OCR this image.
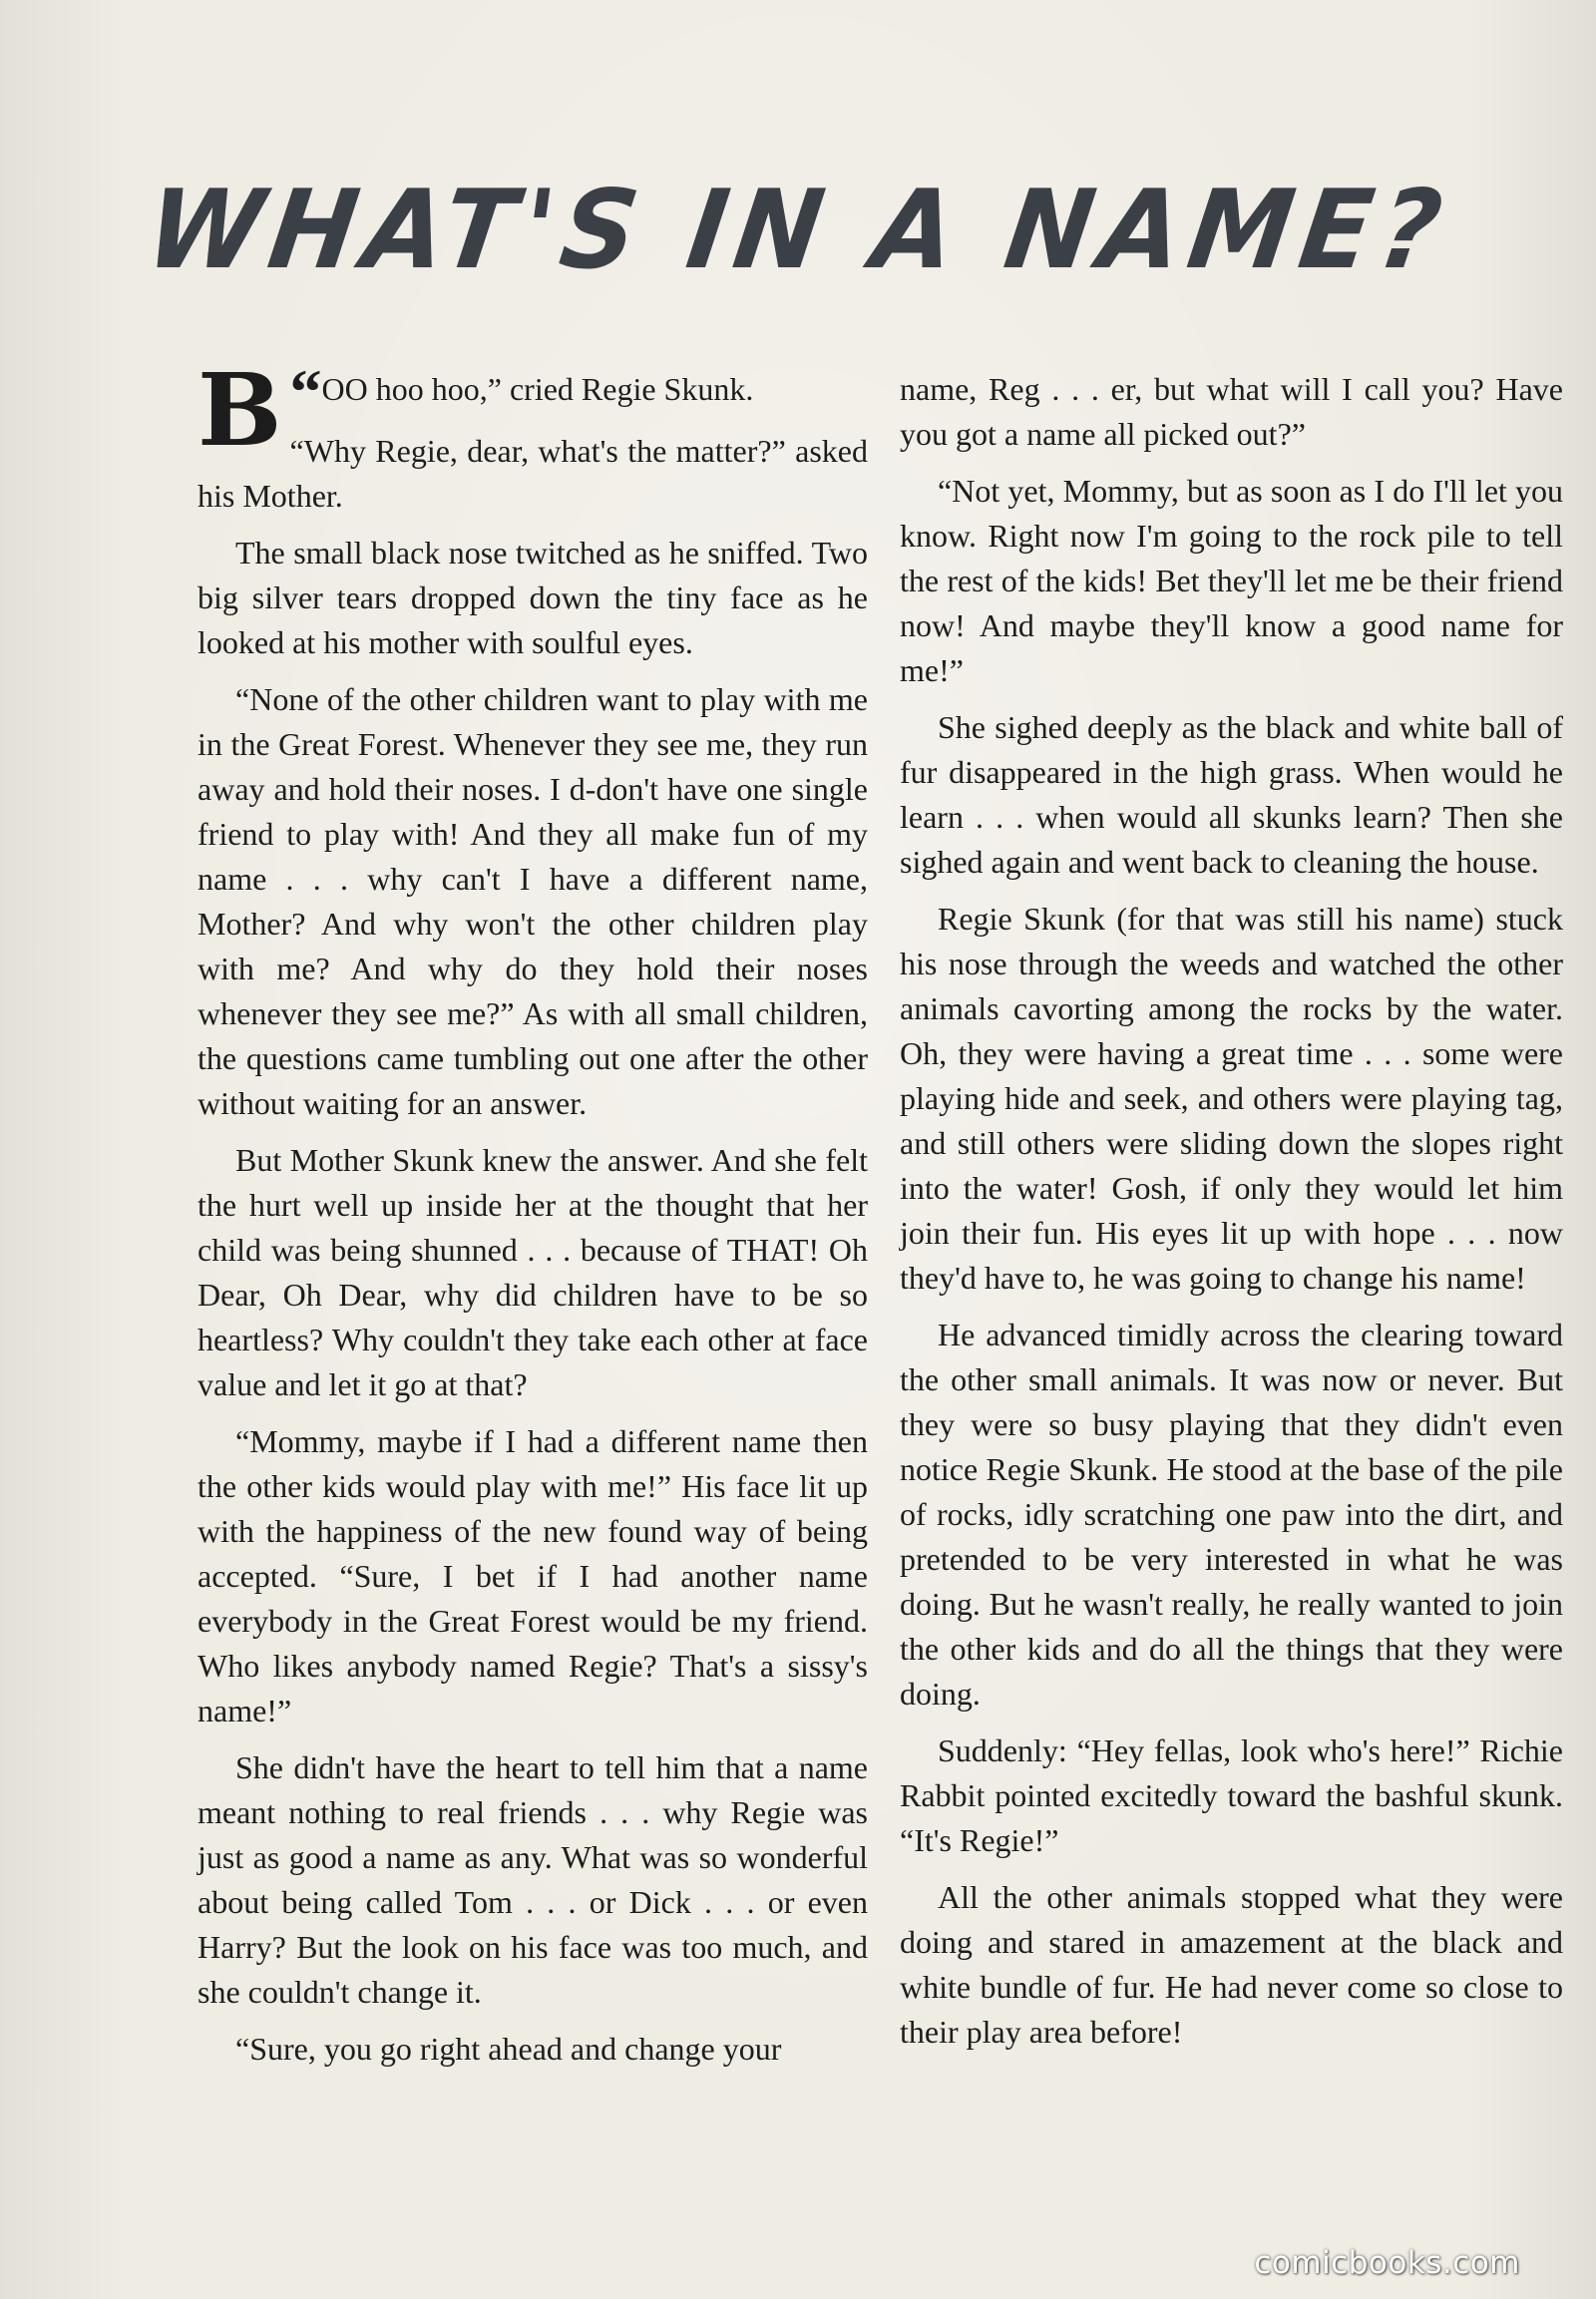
WHAT'S IN A NAME?

“
B OO hoo hoo,” cried Regie Skunk.

“Why Regie, dear, what's the matter?” asked his Mother.

The small black nose twitched as he sniffed. Two big silver tears dropped down the tiny face as he looked at his mother with soulful eyes.

“None of the other children want to play with me in the Great Forest. Whenever they see me, they run away and hold their noses. I d-don't have one single friend to play with! And they all make fun of my name . . . why can't I have a different name, Mother? And why won't the other children play with me? And why do they hold their noses whenever they see me?” As with all small children, the questions came tumbling out one after the other without waiting for an answer.

But Mother Skunk knew the answer. And she felt the hurt well up inside her at the thought that her child was being shunned . . . because of THAT! Oh Dear, Oh Dear, why did children have to be so heartless? Why couldn't they take each other at face value and let it go at that?

“Mommy, maybe if I had a different name then the other kids would play with me!” His face lit up with the happiness of the new found way of being accepted. “Sure, I bet if I had another name everybody in the Great Forest would be my friend. Who likes anybody named Regie? That's a sissy's name!”

She didn't have the heart to tell him that a name meant nothing to real friends . . . why Regie was just as good a name as any. What was so wonderful about being called Tom . . . or Dick . . . or even Harry? But the look on his face was too much, and she couldn't change it.

“Sure, you go right ahead and change your

name, Reg . . . er, but what will I call you? Have you got a name all picked out?”

“Not yet, Mommy, but as soon as I do I'll let you know. Right now I'm going to the rock pile to tell the rest of the kids! Bet they'll let me be their friend now! And maybe they'll know a good name for me!”

She sighed deeply as the black and white ball of fur disappeared in the high grass. When would he learn . . . when would all skunks learn? Then she sighed again and went back to cleaning the house.

Regie Skunk (for that was still his name) stuck his nose through the weeds and watched the other animals cavorting among the rocks by the water. Oh, they were having a great time . . . some were playing hide and seek, and others were playing tag, and still others were sliding down the slopes right into the water! Gosh, if only they would let him join their fun. His eyes lit up with hope . . . now they'd have to, he was going to change his name!

He advanced timidly across the clearing toward the other small animals. It was now or never. But they were so busy playing that they didn't even notice Regie Skunk. He stood at the base of the pile of rocks, idly scratching one paw into the dirt, and pretended to be very interested in what he was doing. But he wasn't really, he really wanted to join the other kids and do all the things that they were doing.

Suddenly: “Hey fellas, look who's here!” Richie Rabbit pointed excitedly toward the bashful skunk. “It's Regie!”

All the other animals stopped what they were doing and stared in amazement at the black and white bundle of fur. He had never come so close to their play area before!

comicbooks.com
